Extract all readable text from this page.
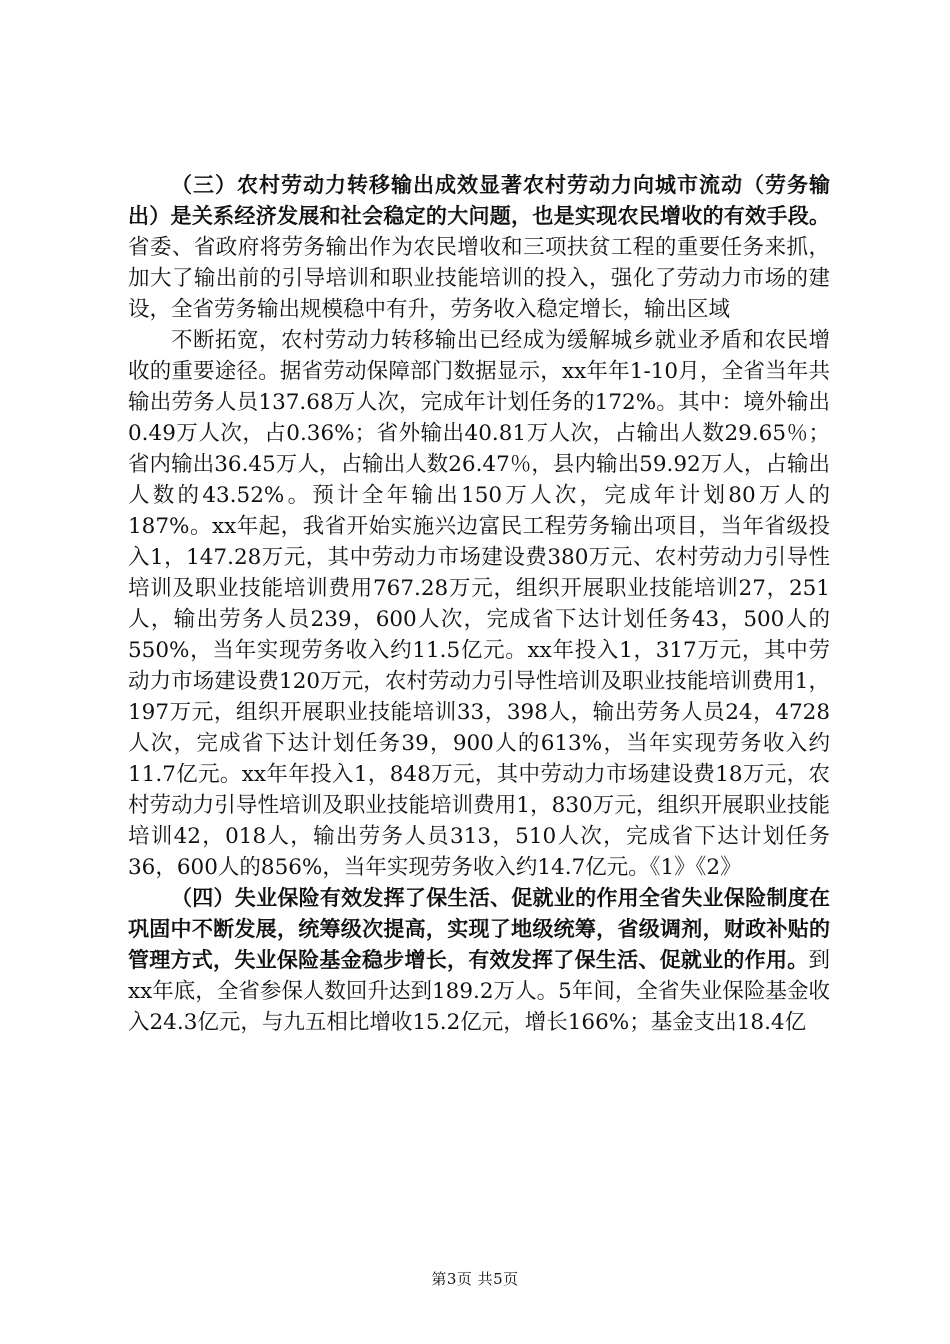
（三）农村劳动力转移输出成效显著农村劳动力向城市流动（劳务输出）是关系经济发展和社会稳定的大问题，也是实现农民增收的有效手段。省委、省政府将劳务输出作为农民增收和三项扶贫工程的重要任务来抓，加大了输出前的引导培训和职业技能培训的投入，强化了劳动力市场的建设，全省劳务输出规模稳中有升，劳务收入稳定增长，输出区域

不断拓宽，农村劳动力转移输出已经成为缓解城乡就业矛盾和农民增收的重要途径。据省劳动保障部门数据显示，xx年年1-10月，全省当年共输出劳务人员137.68万人次，完成年计划任务的172%。其中：境外输出0.49万人次，占0.36%；省外输出40.81万人次，占输出人数29.65％；省内输出36.45万人，占输出人数26.47％，县内输出59.92万人，占输出人数的43.52%。预计全年输出150万人次，完成年计划80万人的187%。xx年起，我省开始实施兴边富民工程劳务输出项目，当年省级投入1，147.28万元，其中劳动力市场建设费380万元、农村劳动力引导性培训及职业技能培训费用767.28万元，组织开展职业技能培训27，251人，输出劳务人员239，600人次，完成省下达计划任务43，500人的550%，当年实现劳务收入约11.5亿元。xx年投入1，317万元，其中劳动力市场建设费120万元，农村劳动力引导性培训及职业技能培训费用1，197万元，组织开展职业技能培训33，398人，输出劳务人员24，4728人次，完成省下达计划任务39，900人的613%，当年实现劳务收入约11.7亿元。xx年年投入1，848万元，其中劳动力市场建设费18万元，农村劳动力引导性培训及职业技能培训费用1，830万元，组织开展职业技能培训42，018人，输出劳务人员313，510人次，完成省下达计划任务36，600人的856%，当年实现劳务收入约14.7亿元。《1》《2》

（四）失业保险有效发挥了保生活、促就业的作用全省失业保险制度在巩固中不断发展，统筹级次提高，实现了地级统筹，省级调剂，财政补贴的管理方式，失业保险基金稳步增长，有效发挥了保生活、促就业的作用。到xx年底，全省参保人数回升达到189.2万人。5年间，全省失业保险基金收入24.3亿元，与九五相比增收15.2亿元，增长166%；基金支出18.4亿

第3页 共5页
